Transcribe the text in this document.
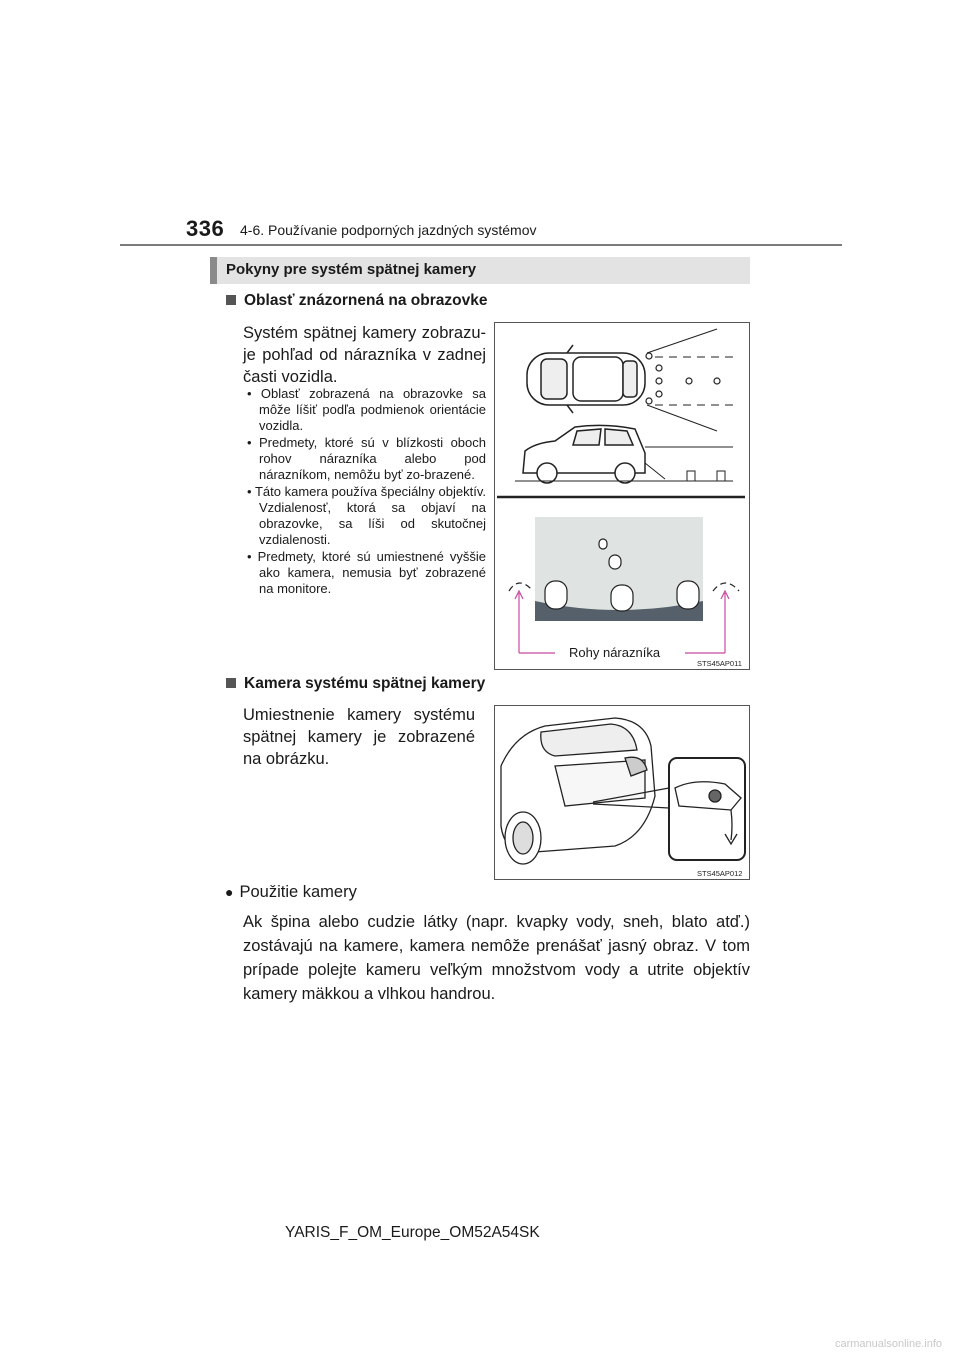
336 4-6. Používanie podporných jazdných systémov
Pokyny pre systém spätnej kamery
Oblasť znázornená na obrazovke
Systém spätnej kamery zobrazu-
je pohľad od nárazníka v zadnej
časti vozidla.

• Oblasť zobrazená na obrazovke sa môže líšiť podľa podmienok orientácie vozidla.

• Predmety, ktoré sú v blízkosti oboch rohov nárazníka alebo pod nárazníkom, nemôžu byť zo-brazené.

• Táto kamera používa špeciálny objektív. Vzdialenosť, ktorá sa objaví na obrazovke, sa líši od skutočnej vzdialenosti.

• Predmety, ktoré sú umiestnené vyššie ako kamera, nemusia byť zobrazené na monitore.

Rohy nárazníka
STS45AP011
Kamera systému spätnej kamery
Umiestnenie kamery systému
spätnej kamery je zobrazené
na obrázku.
STS45AP012
● Použitie kamery
Ak špina alebo cudzie látky (napr. kvapky vody, sneh, blato atď.) zostávajú na kamere, kamera nemôže prenášať jasný obraz. V tom prípade polejte kameru veľkým množstvom vody a utrite objektív kamery mäkkou a vlhkou handrou.
YARIS_F_OM_Europe_OM52A54SK
carmanualsonline.info
